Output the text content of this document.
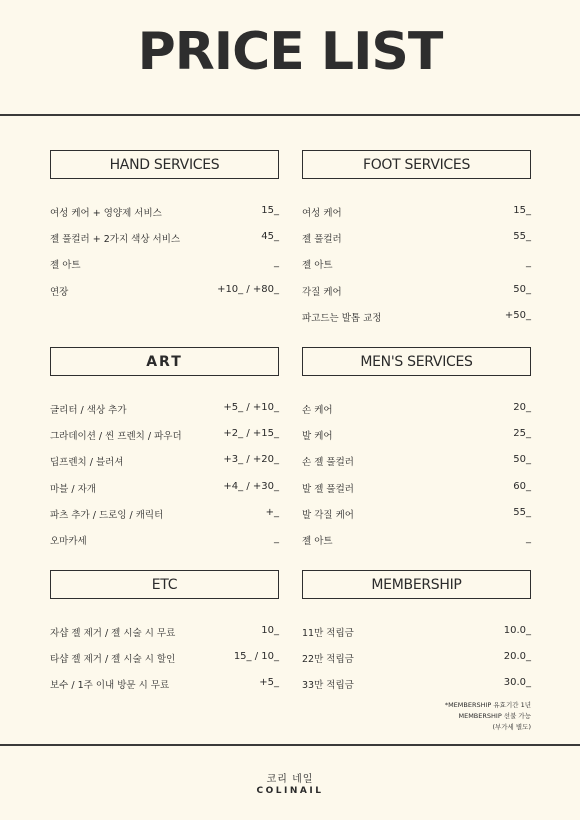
PRICE LIST
HAND SERVICES
여성 케어 + 영양제 서비스	15_
젤 풀컬러 + 2가지 색상 서비스	45_
젤 아트	_
연장	+10_ / +80_
ART
글리터 / 색상 추가	+5_ / +10_
그라데이션 / 씬 프렌치 / 파우더	+2_ / +15_
딥프렌치 / 블러셔	+3_ / +20_
마블 / 자개	+4_ / +30_
파츠 추가 / 드로잉 / 캐릭터	+_
오마카세	_
ETC
자샵 젤 제거 / 젤 시술 시 무료	10_
타샵 젤 제거 / 젤 시술 시 할인	15_ / 10_
보수 / 1주 이내 방문 시 무료	+5_
FOOT SERVICES
여성 케어	15_
젤 풀컬러	55_
젤 아트	_
각질 케어	50_
파고드는 발톱 교정	+50_
MEN'S SERVICES
손 케어	20_
발 케어	25_
손 젤 풀컬러	50_
발 젤 풀컬러	60_
발 각질 케어	55_
젤 아트	_
MEMBERSHIP
11만 적립금	10.0_
22만 적립금	20.0_
33만 적립금	30.0_
*MEMBERSHIP 유효기간 1년
MEMBERSHIP 선불 가능
(부가세 별도)
코리 네일
COLINAIL
